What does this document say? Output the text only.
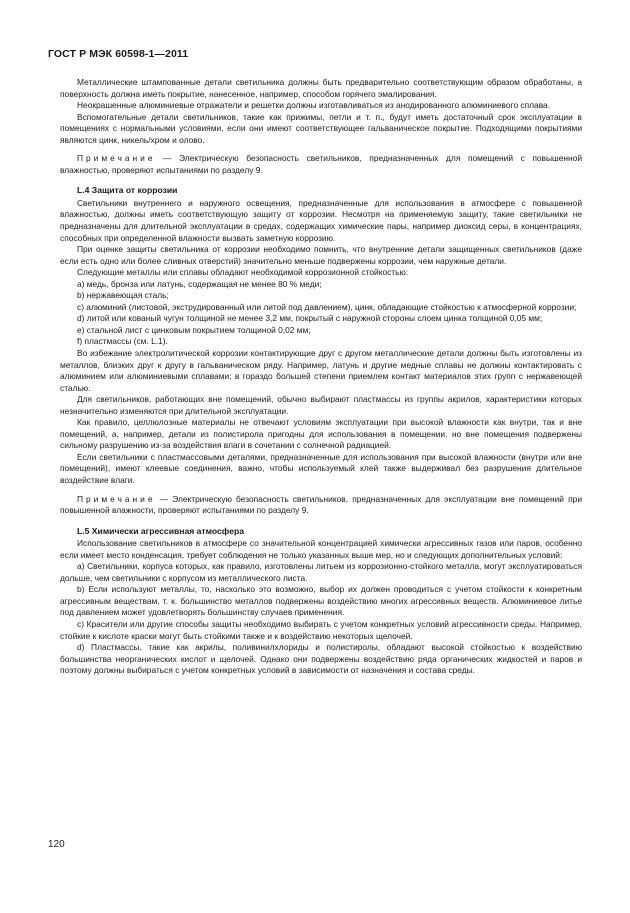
ГОСТ Р МЭК 60598-1—2011

Металлические штампованные детали светильника должны быть предварительно соответствующим образом обработаны, а поверхность должна иметь покрытие, нанесенное, например, способом горячего эмалирования.

Неокрашенные алюминиевые отражатели и решетки должны изготавливаться из анодированного алюминиевого сплава.

Вспомогательные детали светильников, такие как прижимы, петли и т. п., будут иметь достаточный срок эксплуатации в помещениях с нормальными условиями, если они имеют соответствующее гальваническое покрытие. Подходящими покрытиями являются цинк, никель/хром и олово.

Примечание — Электрическую безопасность светильников, предназначенных для помещений с повышенной влажностью, проверяют испытаниями по разделу 9.

L.4 Защита от коррозии

Светильники внутреннего и наружного освещения, предназначенные для использования в атмосфере с повышенной влажностью, должны иметь соответствующую защиту от коррозии. Несмотря на применяемую защиту, такие светильники не предназначены для длительной эксплуатации в средах, содержащих химические пары, например диоксид серы, в концентрациях, способных при определенной влажности вызвать заметную коррозию.

При оценке защиты светильника от коррозии необходимо помнить, что внутренние детали защищенных светильников (даже если есть одно или более сливных отверстий) значительно меньше подвержены коррозии, чем наружные детали.

Следующие металлы или сплавы обладают необходимой коррозионной стойкостью:

a) медь, бронза или латунь, содержащая не менее 80 % меди;

b) нержавеющая сталь;

c) алюминий (листовой, экструдированный или литой под давлением), цинк, обладающие стойкостью к атмосферной коррозии;

d) литой или кованый чугун толщиной не менее 3,2 мм, покрытый с наружной стороны слоем цинка толщиной 0,05 мм;

e) стальной лист с цинковым покрытием толщиной 0,02 мм;

f) пластмассы (см. L.1).

Во избежание электролитической коррозии контактирующие друг с другом металлические детали должны быть изготовлены из металлов, близких друг к другу в гальваническом ряду. Например, латунь и другие медные сплавы не должны контактировать с алюминием или алюминиевыми сплавами; в гораздо большей степени приемлем контакт материалов этих групп с нержавеющей сталью.

Для светильников, работающих вне помещений, обычно выбирают пластмассы из группы акрилов, характеристики которых незначительно изменяются при длительной эксплуатации.

Как правило, целлюлозные материалы не отвечают условиям эксплуатации при высокой влажности как внутри, так и вне помещений, а, например, детали из полистирола пригодны для использования в помещении, но вне помещения подвержены сильному разрушению из-за воздействия влаги в сочетании с солнечной радиацией.

Если светильники с пластмассовыми деталями, предназначенные для использования при высокой влажности (внутри или вне помещений), имеют клеевые соединения, важно, чтобы используемый клей также выдерживал без разрушения длительное воздействие влаги.

Примечание — Электрическую безопасность светильников, предназначенных для эксплуатации вне помещений при повышенной влажности, проверяют испытаниями по разделу 9.

L.5 Химически агрессивная атмосфера

Использование светильников в атмосфере со значительной концентрацией химически агрессивных газов или паров, особенно если имеет место конденсация, требует соблюдения не только указанных выше мер, но и следующих дополнительных условий:

a) Светильники, корпуса которых, как правило, изготовлены литьем из коррозионно-стойкого металла, могут эксплуатироваться дольше, чем светильники с корпусом из металлического листа.

b) Если используют металлы, то, насколько это возможно, выбор их должен проводиться с учетом стойкости к конкретным агрессивным веществам, т. к. большинство металлов подвержены воздействию многих агрессивных веществ. Алюминиевое литье под давлением может удовлетворять большинству случаев применения.

c) Красители или другие способы защиты необходимо выбирать с учетом конкретных условий агрессивности среды. Например, стойкие к кислоте краски могут быть стойкими также и к воздействию некоторых щелочей.

d) Пластмассы, такие как акрилы, поливинилхлориды и полистиролы, обладают высокой стойкостью к воздействию большинства неорганических кислот и щелочей. Однако они подвержены воздействию ряда органических жидкостей и паров и поэтому должны выбираться с учетом конкретных условий в зависимости от назначения и состава среды.

120
